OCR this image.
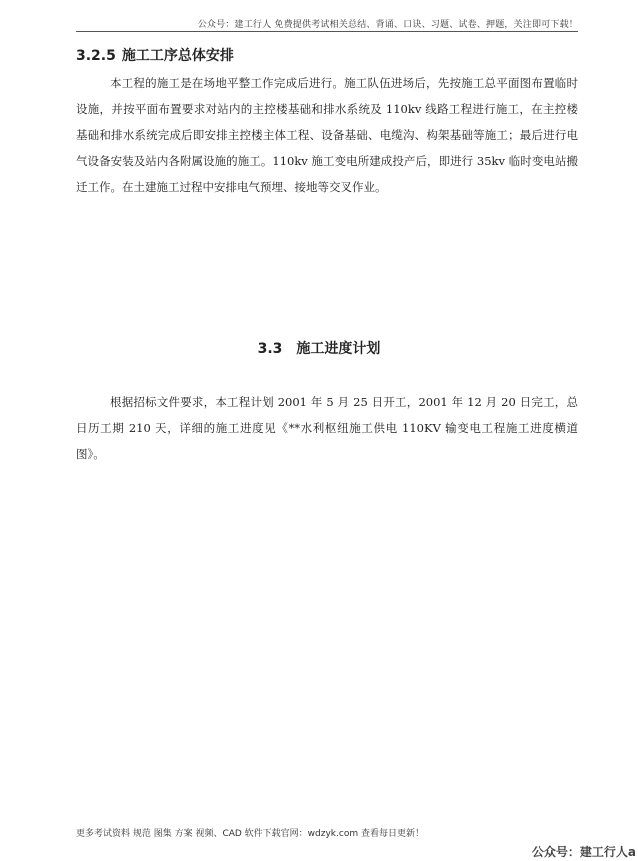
公众号：建工行人 免费提供考试相关总结、背诵、口诀、习题、试卷、押题，关注即可下载！
3.2.5 施工工序总体安排

本工程的施工是在场地平整工作完成后进行。施工队伍进场后，先按施工总平面图布置临时设施，并按平面布置要求对站内的主控楼基础和排水系统及 110kv 线路工程进行施工，在主控楼基础和排水系统完成后即安排主控楼主体工程、设备基础、电缆沟、构架基础等施工；最后进行电气设备安装及站内各附属设施的施工。110kv 施工变电所建成投产后，即进行 35kv 临时变电站搬迁工作。在土建施工过程中安排电气预埋、接地等交叉作业。

3.3 施工进度计划

根据招标文件要求，本工程计划 2001 年 5 月 25 日开工，2001 年 12 月 20 日完工，总日历工期 210 天，详细的施工进度见《**水利枢纽施工供电 110KV 输变电工程施工进度横道图》。

更多考试资料 规范 图集 方案 视频、CAD 软件下载官网：wdzyk.com 查看每日更新！
公众号：建工行人a
